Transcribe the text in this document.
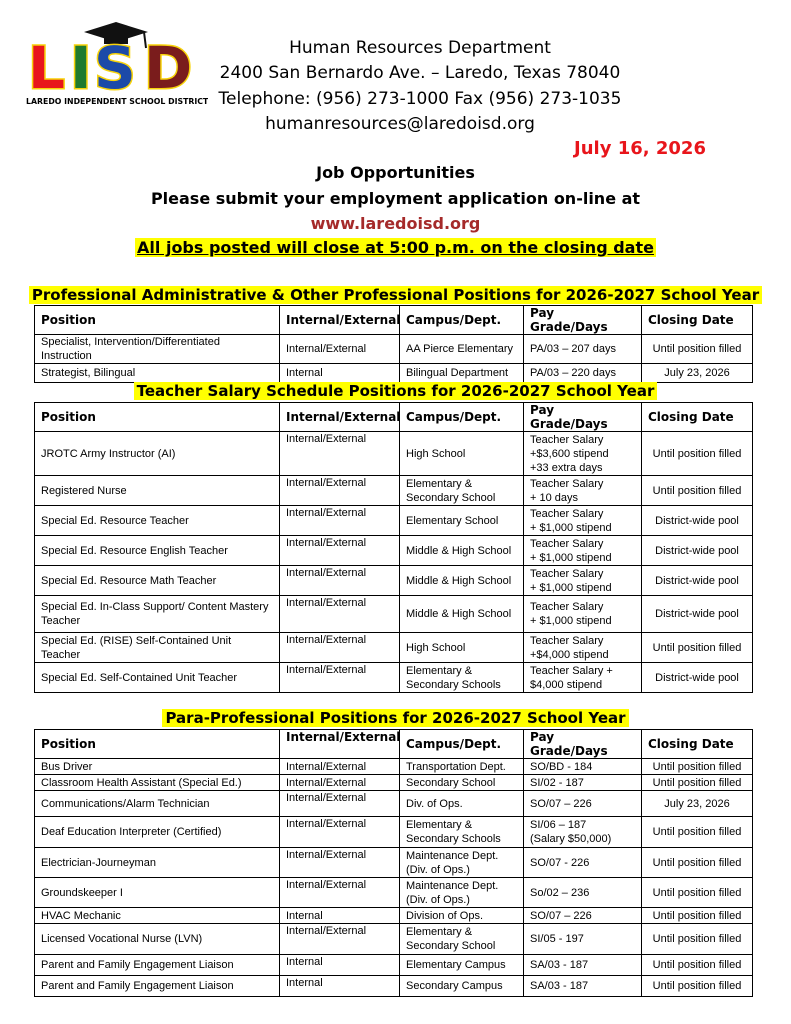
L I S D
LAREDO INDEPENDENT SCHOOL DISTRICT
Human Resources Department
2400 San Bernardo Ave. – Laredo, Texas 78040
Telephone: (956) 273-1000 Fax (956) 273-1035
humanresources@laredoisd.org
July 16, 2026
Job Opportunities
Please submit your employment application on-line at
www.laredoisd.org
All jobs posted will close at 5:00 p.m. on the closing date
Professional Administrative & Other Professional Positions for 2026-2027 School Year
Position	Internal/External	Campus/Dept.	Pay Grade/Days	Closing Date

Specialist, Intervention/Differentiated Instruction	Internal/External	AA Pierce Elementary	PA/03 – 207 days	Until position filled

Strategist, Bilingual	Internal	Bilingual Department	PA/03 – 220 days	July 23, 2026
Teacher Salary Schedule Positions for 2026-2027 School Year
Position	Internal/External	Campus/Dept.	Pay Grade/Days	Closing Date

JROTC Army Instructor (AI)	Internal/External	High School	Teacher Salary
+$3,600 stipend
+33 extra days	Until position filled

Registered Nurse	Internal/External	Elementary &
Secondary School	Teacher Salary
+ 10 days	Until position filled

Special Ed. Resource Teacher	Internal/External	Elementary School	Teacher Salary
+ $1,000 stipend	District-wide pool

Special Ed. Resource English Teacher	Internal/External	Middle & High School	Teacher Salary
+ $1,000 stipend	District-wide pool

Special Ed. Resource Math Teacher	Internal/External	Middle & High School	Teacher Salary
+ $1,000 stipend	District-wide pool

Special Ed. In-Class Support/ Content Mastery
Teacher	Internal/External	Middle & High School	Teacher Salary
+ $1,000 stipend	District-wide pool

Special Ed. (RISE) Self-Contained Unit Teacher	Internal/External	High School	Teacher Salary
+$4,000 stipend	Until position filled

Special Ed. Self-Contained Unit Teacher	Internal/External	Elementary &
Secondary Schools	Teacher Salary +
$4,000 stipend	District-wide pool
Para-Professional Positions for 2026-2027 School Year
Position	Internal/External	Campus/Dept.	Pay Grade/Days	Closing Date

Bus Driver	Internal/External	Transportation Dept.	SO/BD - 184	Until position filled

Classroom Health Assistant (Special Ed.)	Internal/External	Secondary School	SI/02 - 187	Until position filled

Communications/Alarm Technician	Internal/External	Div. of Ops.	SO/07 – 226	July 23, 2026

Deaf Education Interpreter (Certified)	Internal/External	Elementary &
Secondary Schools	SI/06 – 187
(Salary $50,000)	Until position filled

Electrician-Journeyman	Internal/External	Maintenance Dept.
(Div. of Ops.)	SO/07 - 226	Until position filled

Groundskeeper I	Internal/External	Maintenance Dept.
(Div. of Ops.)	So/02 – 236	Until position filled

HVAC Mechanic	Internal	Division of Ops.	SO/07 – 226	Until position filled

Licensed Vocational Nurse (LVN)	Internal/External	Elementary &
Secondary School	SI/05 - 197	Until position filled

Parent and Family Engagement Liaison	Internal	Elementary Campus	SA/03 - 187	Until position filled

Parent and Family Engagement Liaison	Internal	Secondary Campus	SA/03 - 187	Until position filled
